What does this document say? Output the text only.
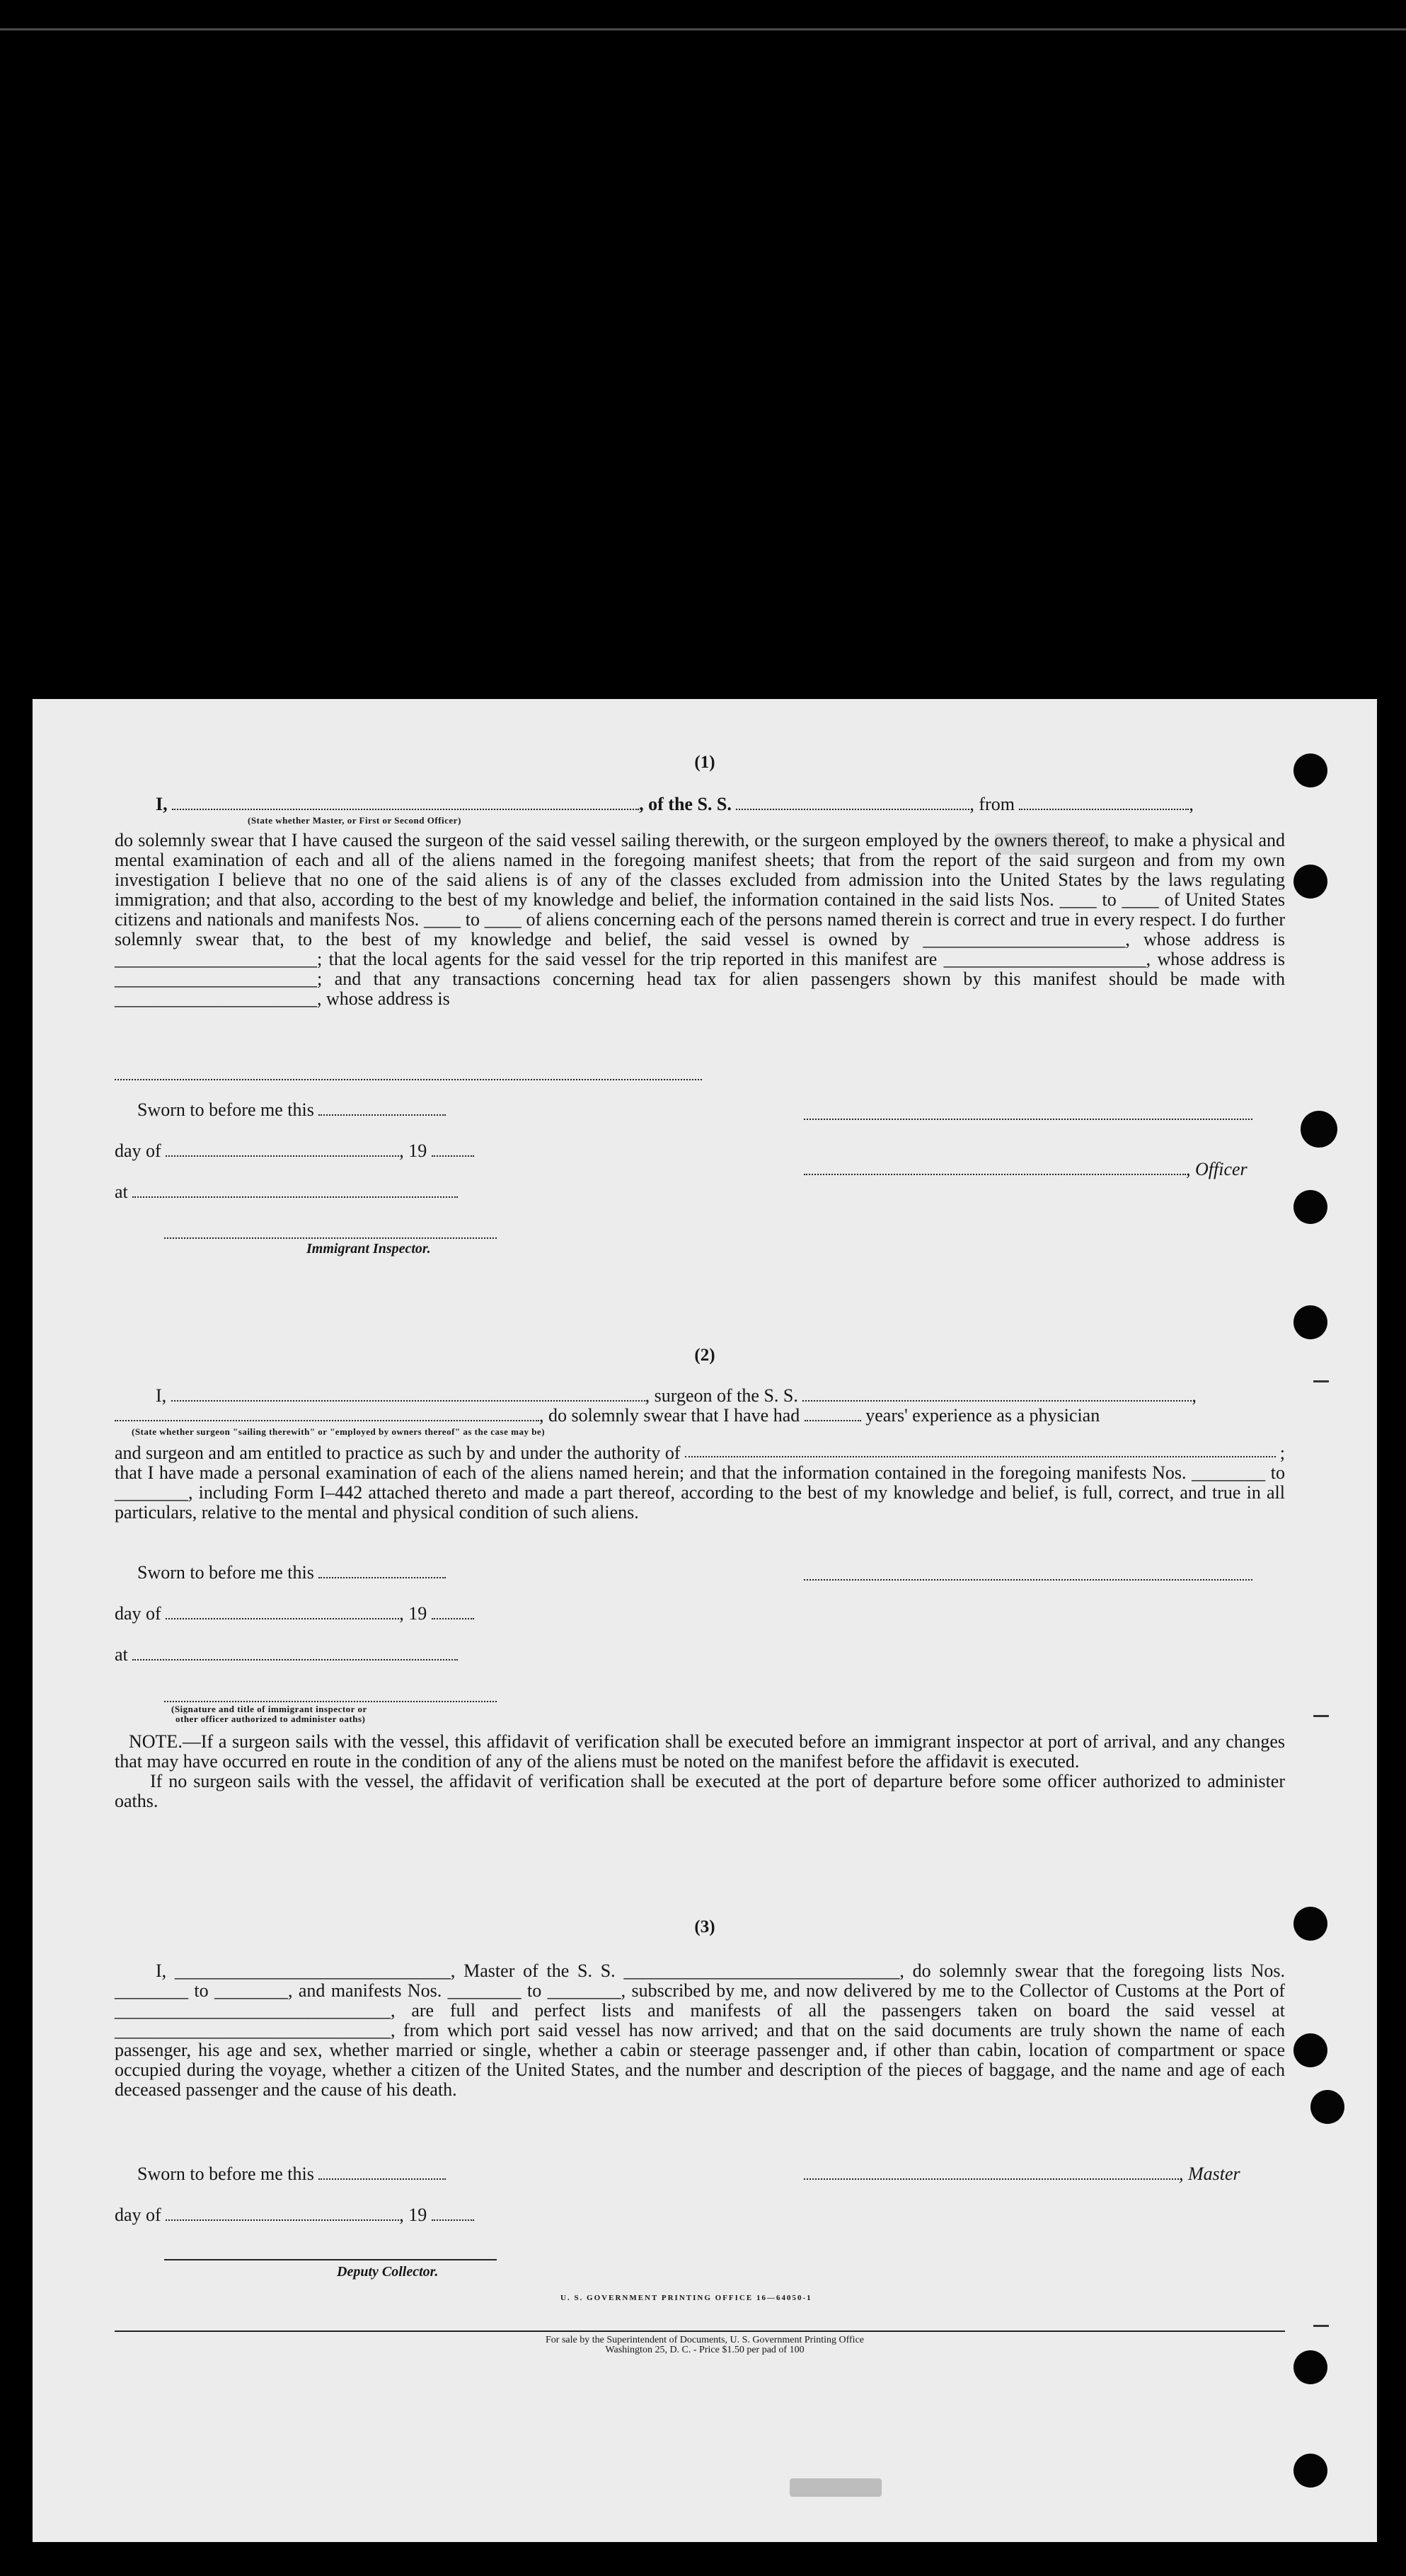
(1)
I,	, of the S. S.	, from	,
(State whether Master, or First or Second Officer)

do solemnly swear that I have caused the surgeon of the said vessel sailing therewith, or the surgeon employed by the owners thereof, to make a physical and mental examination of each and all of the aliens named in the foregoing manifest sheets; that from the report of the said surgeon and from my own investigation I believe that no one of the said aliens is of any of the classes excluded from admission into the United States by the laws regulating immigration; and that also, according to the best of my knowledge and belief, the information contained in the said lists Nos. ____ to ____ of United States citizens and nationals and manifests Nos. ____ to ____ of aliens concerning each of the persons named therein is correct and true in every respect. I do further solemnly swear that, to the best of my knowledge and belief, the said vessel is owned by ______________________, whose address is ______________________; that the local agents for the said vessel for the trip reported in this manifest are ______________________, whose address is ______________________; and that any transactions concerning head tax for alien passengers shown by this manifest should be made with ______________________, whose address is

Sworn to before me this
day of	, 19
at
Immigrant Inspector.
, Officer
(2)
I,	, surgeon of the S. S.	,
, do solemnly swear that I have had	years' experience as a physician
(State whether surgeon "sailing therewith" or "employed by owners thereof" as the case may be)
and surgeon and am entitled to practice as such by and under the authority of	;

that I have made a personal examination of each of the aliens named herein; and that the information contained in the foregoing manifests Nos. ________ to ________, including Form I–442 attached thereto and made a part thereof, according to the best of my knowledge and belief, is full, correct, and true in all particulars, relative to the mental and physical condition of such aliens.

Sworn to before me this
day of	, 19
at
(Signature and title of immigrant inspector or
other officer authorized to administer oaths)

NOTE.—If a surgeon sails with the vessel, this affidavit of verification shall be executed before an immigrant inspector at port of arrival, and any changes that may have occurred en route in the condition of any of the aliens must be noted on the manifest before the affidavit is executed.

If no surgeon sails with the vessel, the affidavit of verification shall be executed at the port of departure before some officer authorized to administer oaths.

(3)

I, ______________________________, Master of the S. S. ______________________________, do solemnly swear that the foregoing lists Nos. ________ to ________, and manifests Nos. ________ to ________, subscribed by me, and now delivered by me to the Collector of Customs at the Port of ______________________________, are full and perfect lists and manifests of all the passengers taken on board the said vessel at ______________________________, from which port said vessel has now arrived; and that on the said documents are truly shown the name of each passenger, his age and sex, whether married or single, whether a cabin or steerage passenger and, if other than cabin, location of compartment or space occupied during the voyage, whether a citizen of the United States, and the number and description of the pieces of baggage, and the name and age of each deceased passenger and the cause of his death.

Sworn to before me this	, Master
day of	, 19
Deputy Collector.
U. S. GOVERNMENT PRINTING OFFICE 16—64050-1
For sale by the Superintendent of Documents, U. S. Government Printing Office
Washington 25, D. C. - Price $1.50 per pad of 100
